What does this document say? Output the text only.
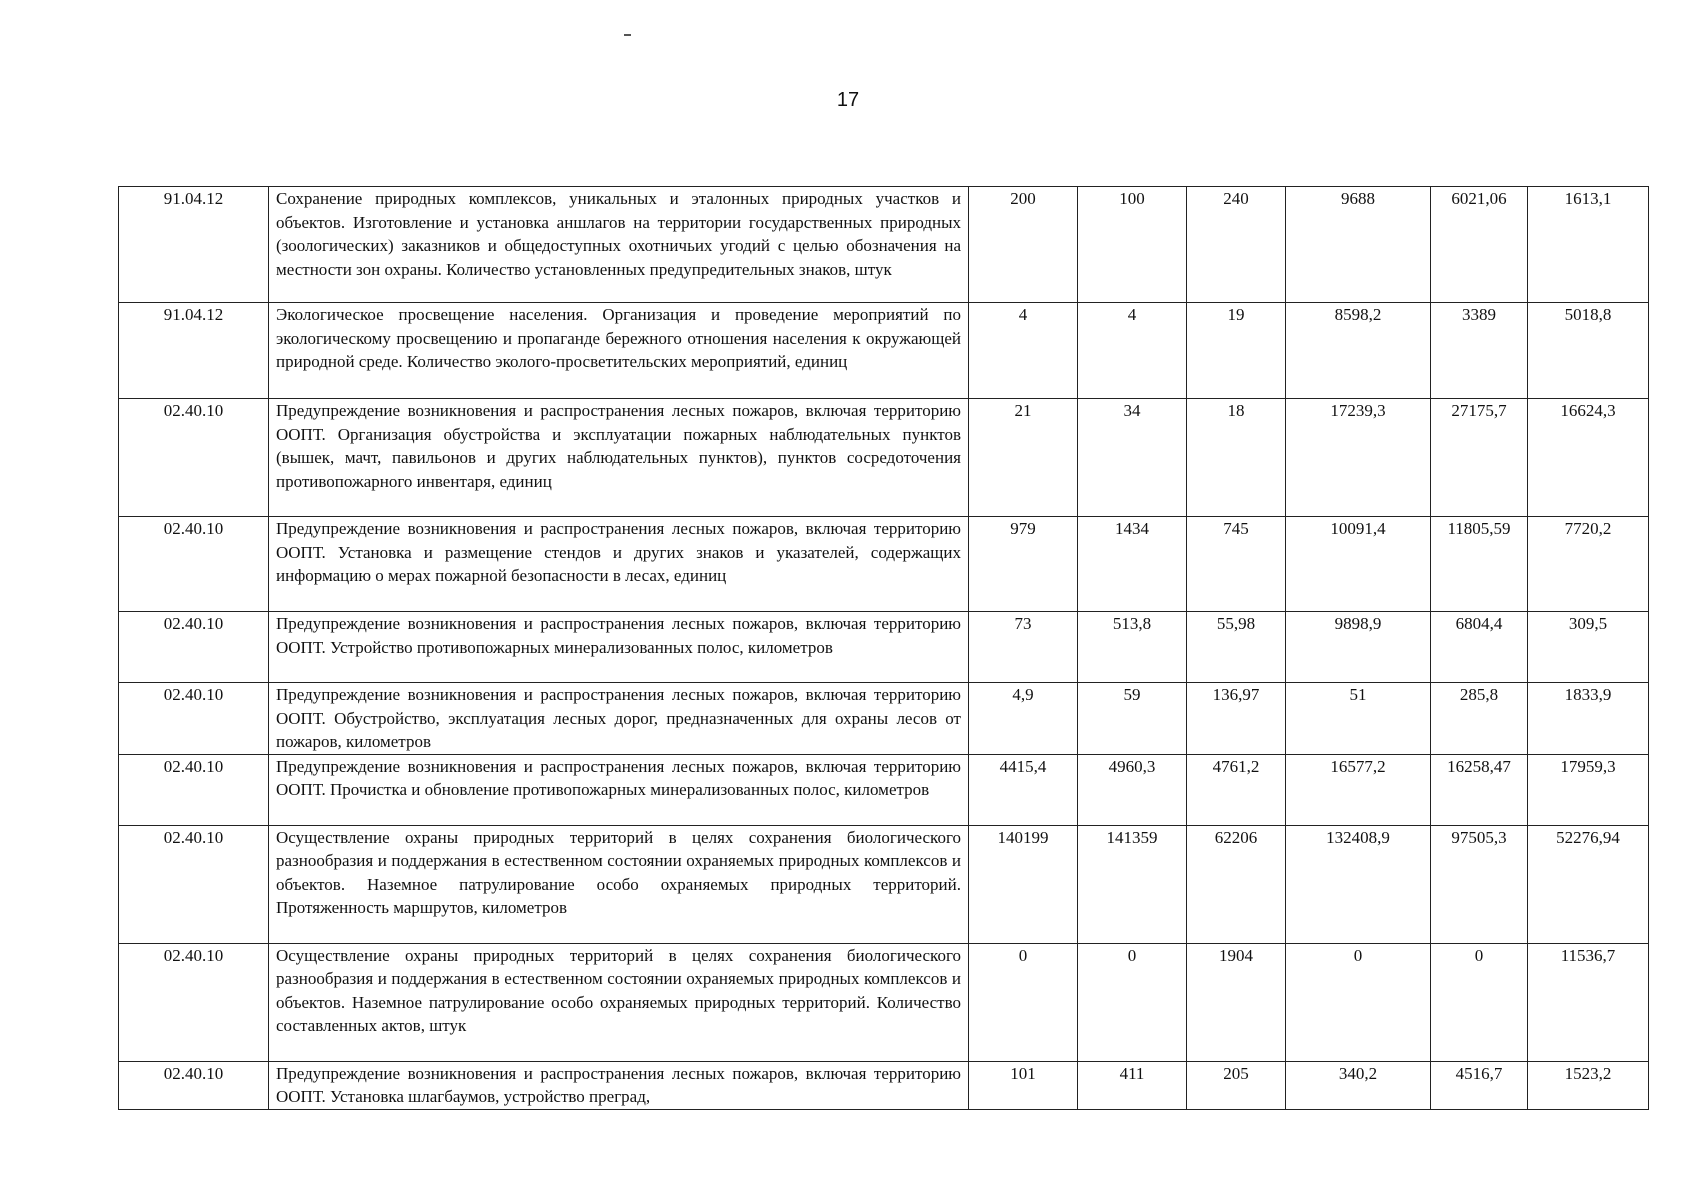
17
91.04.12	Сохранение природных комплексов, уникальных и эталонных природных участков и объектов. Изготовление и установка аншлагов на территории государственных природных (зоологических) заказников и общедоступных охотничьих угодий с целью обозначения на местности зон охраны. Количество установленных предупредительных знаков, штук	200	100	240	9688	6021,06	1613,1
91.04.12	Экологическое просвещение населения. Организация и проведение мероприятий по экологическому просвещению и пропаганде бережного отношения населения к окружающей природной среде. Количество эколого-просветительских мероприятий, единиц	4	4	19	8598,2	3389	5018,8
02.40.10	Предупреждение возникновения и распространения лесных пожаров, включая территорию ООПТ. Организация обустройства и эксплуатации пожарных наблюдательных пунктов (вышек, мачт, павильонов и других наблюдательных пунктов), пунктов сосредоточения противопожарного инвентаря, единиц	21	34	18	17239,3	27175,7	16624,3
02.40.10	Предупреждение возникновения и распространения лесных пожаров, включая территорию ООПТ. Установка и размещение стендов и других знаков и указателей, содержащих информацию о мерах пожарной безопасности в лесах, единиц	979	1434	745	10091,4	11805,59	7720,2
02.40.10	Предупреждение возникновения и распространения лесных пожаров, включая территорию ООПТ. Устройство противопожарных минерализованных полос, километров	73	513,8	55,98	9898,9	6804,4	309,5
02.40.10	Предупреждение возникновения и распространения лесных пожаров, включая территорию ООПТ. Обустройство, эксплуатация лесных дорог, предназначенных для охраны лесов от пожаров, километров	4,9	59	136,97	51	285,8	1833,9
02.40.10	Предупреждение возникновения и распространения лесных пожаров, включая территорию ООПТ. Прочистка и обновление противопожарных минерализованных полос, километров	4415,4	4960,3	4761,2	16577,2	16258,47	17959,3
02.40.10	Осуществление охраны природных территорий в целях сохранения биологического разнообразия и поддержания в естественном состоянии охраняемых природных комплексов и объектов. Наземное патрулирование особо охраняемых природных территорий. Протяженность маршрутов, километров	140199	141359	62206	132408,9	97505,3	52276,94
02.40.10	Осуществление охраны природных территорий в целях сохранения биологического разнообразия и поддержания в естественном состоянии охраняемых природных комплексов и объектов. Наземное патрулирование особо охраняемых природных территорий. Количество составленных актов, штук	0	0	1904	0	0	11536,7
02.40.10	Предупреждение возникновения и распространения лесных пожаров, включая территорию ООПТ. Установка шлагбаумов, устройство преград,	101	411	205	340,2	4516,7	1523,2
